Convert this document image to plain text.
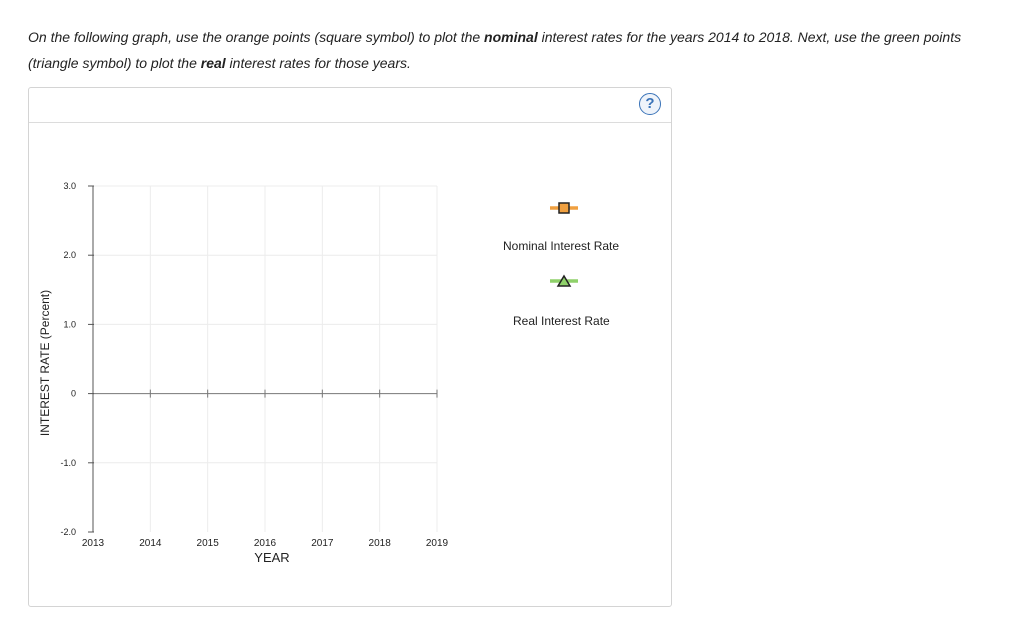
On the following graph, use the orange points (square symbol) to plot the nominal interest rates for the years 2014 to 2018. Next, use the green points (triangle symbol) to plot the real interest rates for those years.
?
3.0
2.0
1.0
0
-1.0
-2.0
2013	2014	2015	2016	2017	2018	2019
YEAR
INTEREST RATE (Percent)
Nominal Interest Rate
Real Interest Rate
